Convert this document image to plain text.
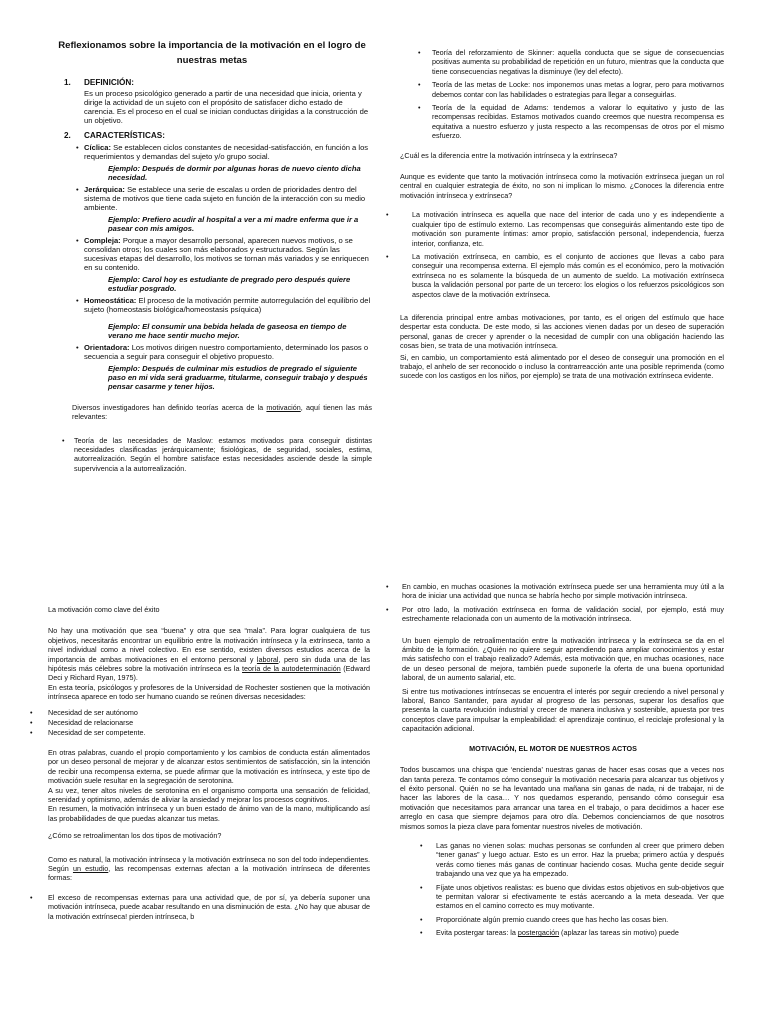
Reflexionamos sobre la importancia de la motivación en el logro de nuestras metas
1. DEFINICIÓN:
Es un proceso psicológico generado a partir de una necesidad que inicia, orienta y dirige la actividad de un sujeto con el propósito de satisfacer dicho estado de carencia. Es el proceso en el cual se inician conductas dirigidas a la construcción de un objetivo.
2. CARACTERÍSTICAS:
• Cíclica: Se establecen ciclos constantes de necesidad-satisfacción, en función a los requerimientos y demandas del sujeto y/o grupo social.
Ejemplo: Después de dormir por algunas horas de nuevo ciento dicha necesidad.
• Jerárquica: Se establece una serie de escalas u orden de prioridades dentro del sistema de motivos que tiene cada sujeto en función de la interacción con su medio ambiente.
Ejemplo: Prefiero acudir al hospital a ver a mi madre enferma que ir a pasear con mis amigos.
• Compleja: Porque a mayor desarrollo personal, aparecen nuevos motivos, o se consolidan otros; los cuales son más elaborados y estructurados. Según las sucesivas etapas del desarrollo, los motivos se tornan más variados y se enriquecen en su contenido.
Ejemplo: Carol hoy es estudiante de pregrado pero después quiere estudiar posgrado.
• Homeostática: El proceso de la motivación permite autorregulación del equilibrio del sujeto (homeostasis biológica/homeostasis psíquica)
Ejemplo: El consumir una bebida helada de gaseosa en tiempo de verano me hace sentir mucho mejor.
• Orientadora: Los motivos dirigen nuestro comportamiento, determinado los pasos o secuencia a seguir para conseguir el objetivo propuesto.
Ejemplo: Después de culminar mis estudios de pregrado el siguiente paso en mi vida será graduarme, titularme, conseguir trabajo y después pensar casarme y tener hijos.
Diversos investigadores han definido teorías acerca de la motivación, aquí tienen las más relevantes:
• Teoría de las necesidades de Maslow: estamos motivados para conseguir distintas necesidades clasificadas jerárquicamente; fisiológicas, de seguridad, sociales, estima, autorrealización. Según el hombre satisface estas necesidades asciende desde la simple supervivencia a la autorrealización.
• Teoría del reforzamiento de Skinner: aquella conducta que se sigue de consecuencias positivas aumenta su probabilidad de repetición en un futuro, mientras que la conducta que tiene consecuencias negativas la disminuye (ley del efecto).
• Teoría de las metas de Locke: nos imponemos unas metas a lograr, pero para motivarnos debemos contar con las habilidades o estrategias para llegar a conseguirlas.
• Teoría de la equidad de Adams: tendemos a valorar lo equitativo y justo de las recompensas recibidas. Estamos motivados cuando creemos que nuestra recompensa es equitativa a nuestro esfuerzo y justa respecto a las recompensas de otros por el mismo esfuerzo.
¿Cuál es la diferencia entre la motivación intrínseca y la extrínseca?
Aunque es evidente que tanto la motivación intrínseca como la motivación extrínseca juegan un rol central en cualquier estrategia de éxito, no son ni implican lo mismo. ¿Conoces la diferencia entre motivación intrínseca y extrínseca?
•	La motivación intrínseca es aquella que nace del interior de cada uno y es independiente a cualquier tipo de estímulo externo. Las recompensas que conseguirás alimentando este tipo de motivación son puramente íntimas: amor propio, satisfacción personal, independencia, fuerza interior, confianza, etc.
•	La motivación extrínseca, en cambio, es el conjunto de acciones que llevas a cabo para conseguir una recompensa externa. El ejemplo más común es el económico, pero la motivación extrínseca no es solamente la búsqueda de un aumento de sueldo. La motivación extrínseca busca la validación personal por parte de un tercero: los elogios o los refuerzos psicológicos son aspectos clave de la motivación extrínseca.
La diferencia principal entre ambas motivaciones, por tanto, es el origen del estímulo que hace despertar esta conducta. De este modo, si las acciones vienen dadas por un deseo de superación personal, ganas de crecer y aprender o la necesidad de cumplir con una obligación haciendo las cosas bien, se trata de una motivación intrínseca.
Si, en cambio, un comportamiento está alimentado por el deseo de conseguir una promoción en el trabajo, el anhelo de ser reconocido o incluso la contrarreacción ante una posible reprimenda (como sucede con los castigos en los niños, por ejemplo) se trata de una motivación extrínseca evidente.
La motivación como clave del éxito
No hay una motivación que sea “buena” y otra que sea “mala”. Para lograr cualquiera de tus objetivos, necesitarás encontrar un equilibrio entre la motivación intrínseca y la extrínseca, tanto a nivel individual como a nivel colectivo. En ese sentido, existen diversos estudios acerca de la importancia de ambas motivaciones en el entorno personal y laboral, pero sin duda una de las hipótesis más célebres sobre la motivación intrínseca es la teoría de la autodeterminación (Edward Deci y Richard Ryan, 1975).
En esta teoría, psicólogos y profesores de la Universidad de Rochester sostienen que la motivación intrínseca aparece en todo ser humano cuando se reúnen diversas necesidades:
• Necesidad de ser autónomo
• Necesidad de relacionarse
• Necesidad de ser competente.
En otras palabras, cuando el propio comportamiento y los cambios de conducta están alimentados por un deseo personal de mejorar y de alcanzar estos sentimientos de satisfacción, sin la intención de recibir una recompensa externa, se puede afirmar que la motivación es intrínseca, y este tipo de motivación suele resultar en la segregación de serotonina.
A su vez, tener altos niveles de serotonina en el organismo comporta una sensación de felicidad, serenidad y optimismo, además de aliviar la ansiedad y mejorar los procesos cognitivos.
En resumen, la motivación intrínseca y un buen estado de ánimo van de la mano, multiplicando así las probabilidades de que puedas alcanzar tus metas.
¿Cómo se retroalimentan los dos tipos de motivación?
Como es natural, la motivación intrínseca y la motivación extrínseca no son del todo independientes. Según un estudio, las recompensas externas afectan a la motivación intrínseca de diferentes formas:
• El exceso de recompensas externas para una actividad que, de por sí, ya debería suponer una motivación intrínseca, puede acabar resultando en una disminución de esta. ¿No hay que abusar de la motivación extrínseca! pierden intrínseca, b
• En cambio, en muchas ocasiones la motivación extrínseca puede ser una herramienta muy útil a la hora de iniciar una actividad que nunca se habría hecho por simple motivación intrínseca.
• Por otro lado, la motivación extrínseca en forma de validación social, por ejemplo, está muy estrechamente relacionada con un aumento de la motivación intrínseca.
Un buen ejemplo de retroalimentación entre la motivación intrínseca y la extrínseca se da en el ámbito de la formación. ¿Quién no quiere seguir aprendiendo para ampliar conocimientos y estar más satisfecho con el trabajo realizado? Además, esta motivación que, en muchas ocasiones, nace de un deseo personal de mejora, también puede suponerle la oferta de una buena oportunidad laboral, de un aumento salarial, etc.
Si entre tus motivaciones intrínsecas se encuentra el interés por seguir creciendo a nivel personal y laboral, Banco Santander, para ayudar al progreso de las personas, superar los desafíos que presenta la cuarta revolución industrial y crecer de manera inclusiva y sostenible, apuesta por tres conceptos clave para impulsar la empleabilidad: el aprendizaje continuo, el reciclaje profesional y la capacitación adicional.
MOTIVACIÓN, EL MOTOR DE NUESTROS ACTOS
Todos buscamos una chispa que ‘encienda’ nuestras ganas de hacer esas cosas que a veces nos dan tanta pereza. Te contamos cómo conseguir la motivación necesaria para alcanzar tus objetivos y el éxito personal. Quién no se ha levantado una mañana sin ganas de nada, ni de trabajar, ni de hacer las labores de la casa… Y nos quedamos esperando, pensando cómo conseguir esa motivación que necesitamos para arrancar una tarea en el trabajo, o para decidirnos a hacer ese arreglo en casa que siempre dejamos para otro día. Debemos concienciarnos de que nosotros mismos somos la pieza clave para fomentar nuestros niveles de motivación.
• Las ganas no vienen solas: muchas personas se confunden al creer que primero deben “tener ganas” y luego actuar. Esto es un error. Haz la prueba; primero actúa y después verás como tienes más ganas de continuar haciendo cosas. Mucha gente decide seguir trabajando una vez que ya ha empezado.
• Fíjate unos objetivos realistas: es bueno que dividas estos objetivos en sub-objetivos que te permitan valorar si efectivamente te estás acercando a la meta deseada. Ver que estamos en el camino correcto es muy motivante.
• Proporciónate algún premio cuando crees que has hecho las cosas bien.
• Evita postergar tareas: la postergación (aplazar las tareas sin motivo) puede
